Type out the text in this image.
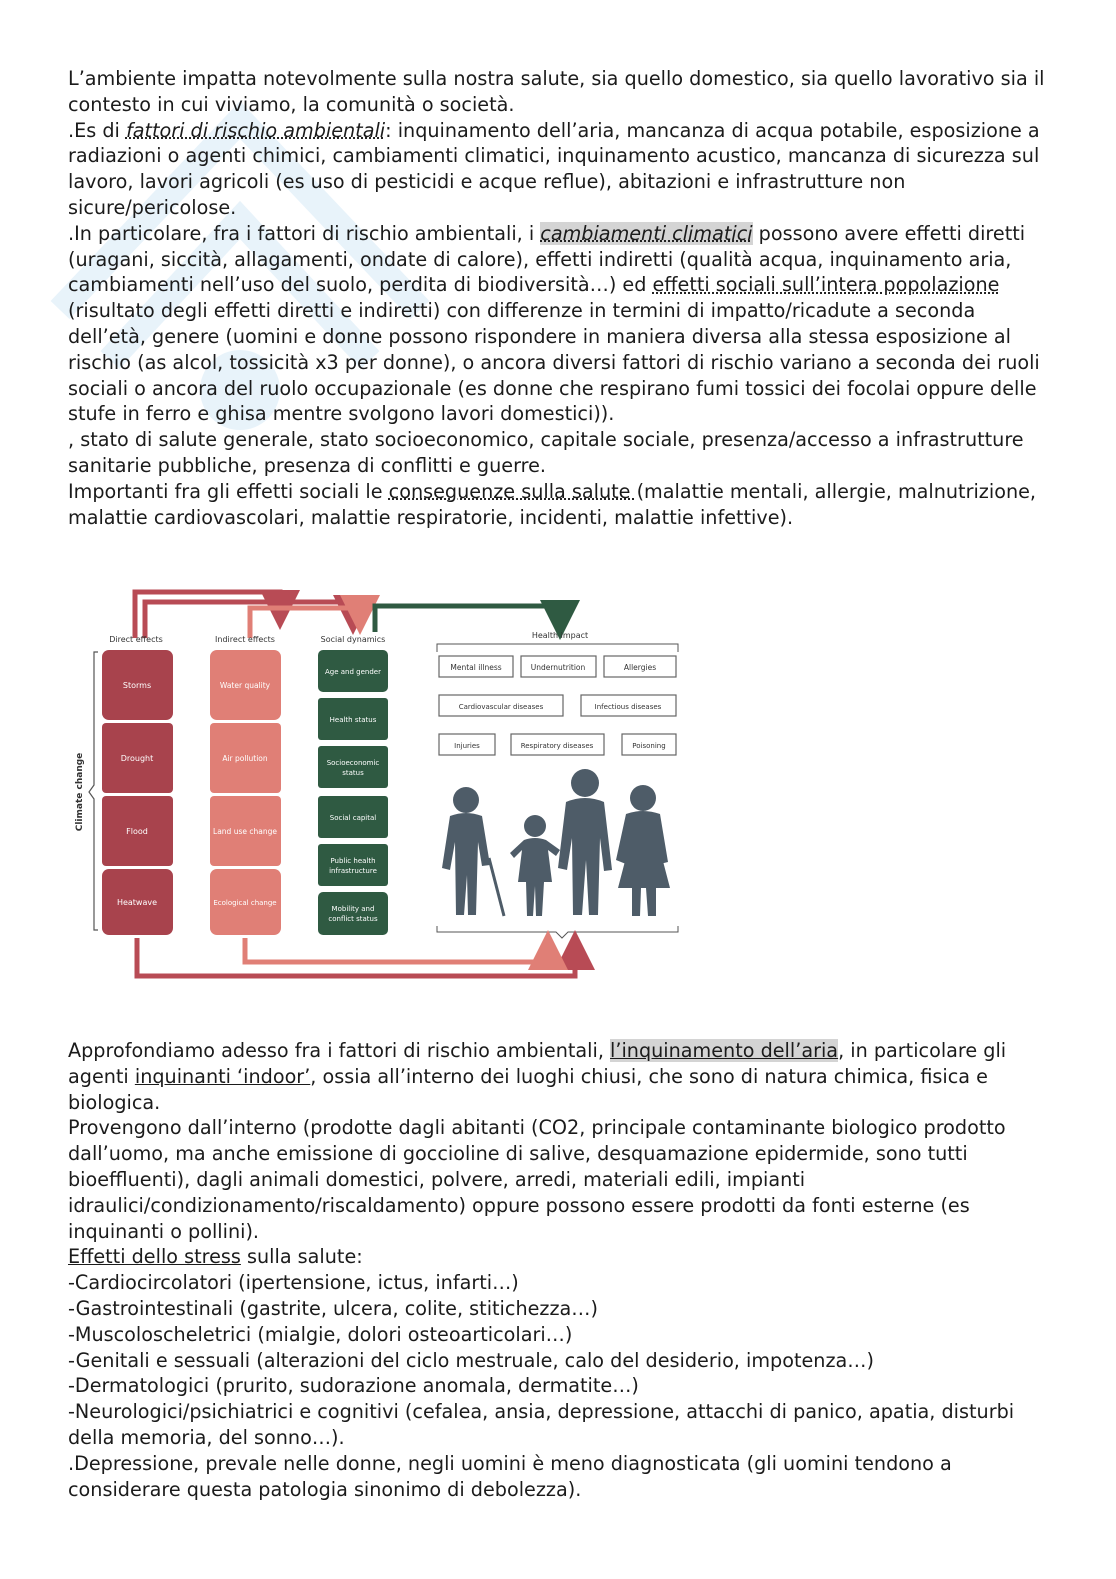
L’ambiente impatta notevolmente sulla nostra salute, sia quello domestico, sia quello lavorativo sia il contesto in cui viviamo, la comunità o società.

.Es di fattori di rischio ambientali: inquinamento dell’aria, mancanza di acqua potabile, esposizione a radiazioni o agenti chimici, cambiamenti climatici, inquinamento acustico, mancanza di sicurezza sul lavoro, lavori agricoli (es uso di pesticidi e acque reflue), abitazioni e infrastrutture non sicure/pericolose.

.In particolare, fra i fattori di rischio ambientali, i cambiamenti climatici possono avere effetti diretti (uragani, siccità, allagamenti, ondate di calore), effetti indiretti (qualità acqua, inquinamento aria, cambiamenti nell’uso del suolo, perdita di biodiversità…) ed effetti sociali sull’intera popolazione (risultato degli effetti diretti e indiretti) con differenze in termini di impatto/ricadute a seconda dell’età, genere (uomini e donne possono rispondere in maniera diversa alla stessa esposizione al rischio (as alcol, tossicità x3 per donne), o ancora diversi fattori di rischio variano a seconda dei ruoli sociali o ancora del ruolo occupazionale (es donne che respirano fumi tossici dei focolai oppure delle stufe in ferro e ghisa mentre svolgono lavori domestici)).

, stato di salute generale, stato socioeconomico, capitale sociale, presenza/accesso a infrastrutture sanitarie pubbliche, presenza di conflitti e guerre.

Importanti fra gli effetti sociali le conseguenze sulla salute (malattie mentali, allergie, malnutrizione, malattie cardiovascolari, malattie respiratorie, incidenti, malattie infettive).

Direct effects	Indirect effects	Social dynamics	Health impact
Climate change
Storms
Drought
Flood
Heatwave
Water quality
Air pollution
Land use change
Ecological change
Age and gender
Health status
Socioeconomic
status
Social capital
Public health
infrastructure
Mobility and
conflict status
Mental illness	Undernutrition	Allergies
Cardiovascular diseases	Infectious diseases
Injuries	Respiratory diseases	Poisoning

Approfondiamo adesso fra i fattori di rischio ambientali, l’inquinamento dell’aria, in particolare gli agenti inquinanti ‘indoor’, ossia all’interno dei luoghi chiusi, che sono di natura chimica, fisica e biologica.

Provengono dall’interno (prodotte dagli abitanti (CO2, principale contaminante biologico prodotto dall’uomo, ma anche emissione di goccioline di salive, desquamazione epidermide, sono tutti bioeffluenti), dagli animali domestici, polvere, arredi, materiali edili, impianti idraulici/condizionamento/riscaldamento) oppure possono essere prodotti da fonti esterne (es inquinanti o pollini).

Effetti dello stress sulla salute:

-Cardiocircolatori (ipertensione, ictus, infarti…)

-Gastrointestinali (gastrite, ulcera, colite, stitichezza…)

-Muscoloscheletrici (mialgie, dolori osteoarticolari…)

-Genitali e sessuali (alterazioni del ciclo mestruale, calo del desiderio, impotenza…)

-Dermatologici (prurito, sudorazione anomala, dermatite…)

-Neurologici/psichiatrici e cognitivi (cefalea, ansia, depressione, attacchi di panico, apatia, disturbi della memoria, del sonno…).

.Depressione, prevale nelle donne, negli uomini è meno diagnosticata (gli uomini tendono a considerare questa patologia sinonimo di debolezza).
